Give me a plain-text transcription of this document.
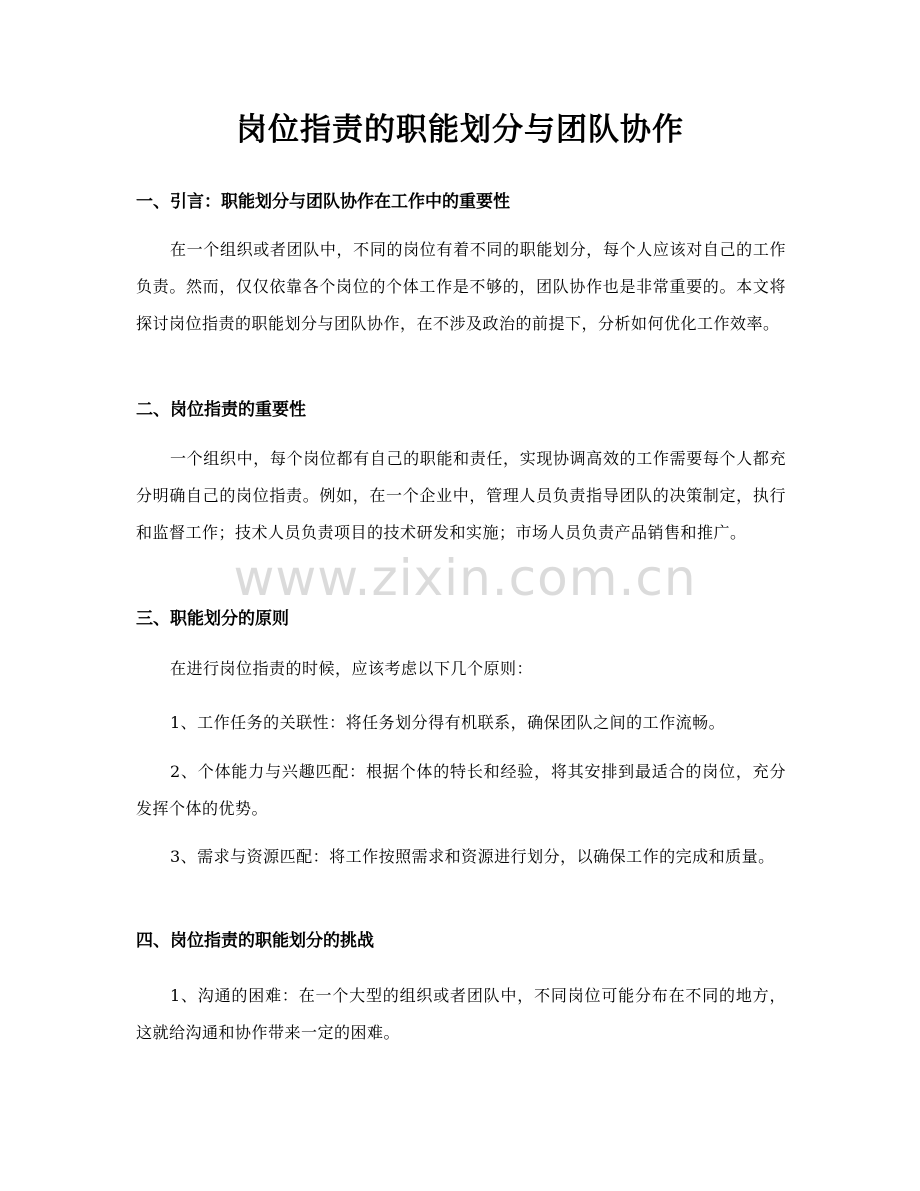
岗位指责的职能划分与团队协作
一、引言：职能划分与团队协作在工作中的重要性

在一个组织或者团队中，不同的岗位有着不同的职能划分，每个人应该对自己的工作负责。然而，仅仅依靠各个岗位的个体工作是不够的，团队协作也是非常重要的。本文将探讨岗位指责的职能划分与团队协作，在不涉及政治的前提下，分析如何优化工作效率。

二、岗位指责的重要性

一个组织中，每个岗位都有自己的职能和责任，实现协调高效的工作需要每个人都充分明确自己的岗位指责。例如，在一个企业中，管理人员负责指导团队的决策制定，执行和监督工作；技术人员负责项目的技术研发和实施；市场人员负责产品销售和推广。

三、职能划分的原则

在进行岗位指责的时候，应该考虑以下几个原则：

1、工作任务的关联性：将任务划分得有机联系，确保团队之间的工作流畅。

2、个体能力与兴趣匹配：根据个体的特长和经验，将其安排到最适合的岗位，充分发挥个体的优势。

3、需求与资源匹配：将工作按照需求和资源进行划分，以确保工作的完成和质量。

四、岗位指责的职能划分的挑战

1、沟通的困难：在一个大型的组织或者团队中，不同岗位可能分布在不同的地方，这就给沟通和协作带来一定的困难。

www.zixin.com.cn
